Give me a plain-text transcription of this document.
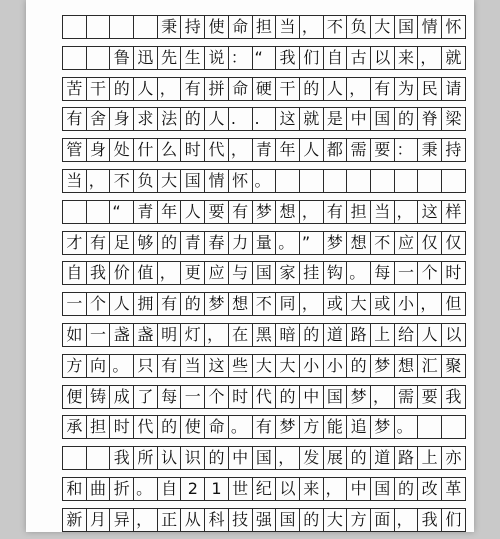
秉 持 使 命 担 当 ， 不 负 大 国 情 怀
鲁 迅 先 生 说 ： “	我 们 自 古 以 来 ， 就
苦 干 的 人 ， 有 拼 命 硬 干 的 人 ， 有 为 民 请
有 舍 身 求 法 的 人 .	.	这 就 是 中 国 的 脊 梁
管 身 处 什 么 时 代 ， 青 年 人 都 需 要 ： 秉 持
当 ， 不 负 大 国 情 怀 。
“	青 年 人 要 有 梦 想 ， 有 担 当 ， 这 样
才 有 足 够 的 青 春 力 量 。 ”	梦 想 不 应 仅 仅
自 我 价 值 ， 更 应 与 国 家 挂 钩 。 每 一 个 时
一 个 人 拥 有 的 梦 想 不 同 ， 或 大 或 小 ， 但
如 一 盏 盏 明 灯 ， 在 黑 暗 的 道 路 上 给 人 以
方 向 。 只 有 当 这 些 大 大 小 小 的 梦 想 汇 聚
便 铸 成 了 每 一 个 时 代 的 中 国 梦 ， 需 要 我
承 担 时 代 的 使 命 。 有 梦 方 能 追 梦 。
我 所 认 识 的 中 国 ， 发 展 的 道 路 上 亦
和 曲 折 。 自 2 1 世 纪 以 来 ， 中 国 的 改 革
新 月 异 ， 正 从 科 技 强 国 的 大 方 面 ， 我 们
